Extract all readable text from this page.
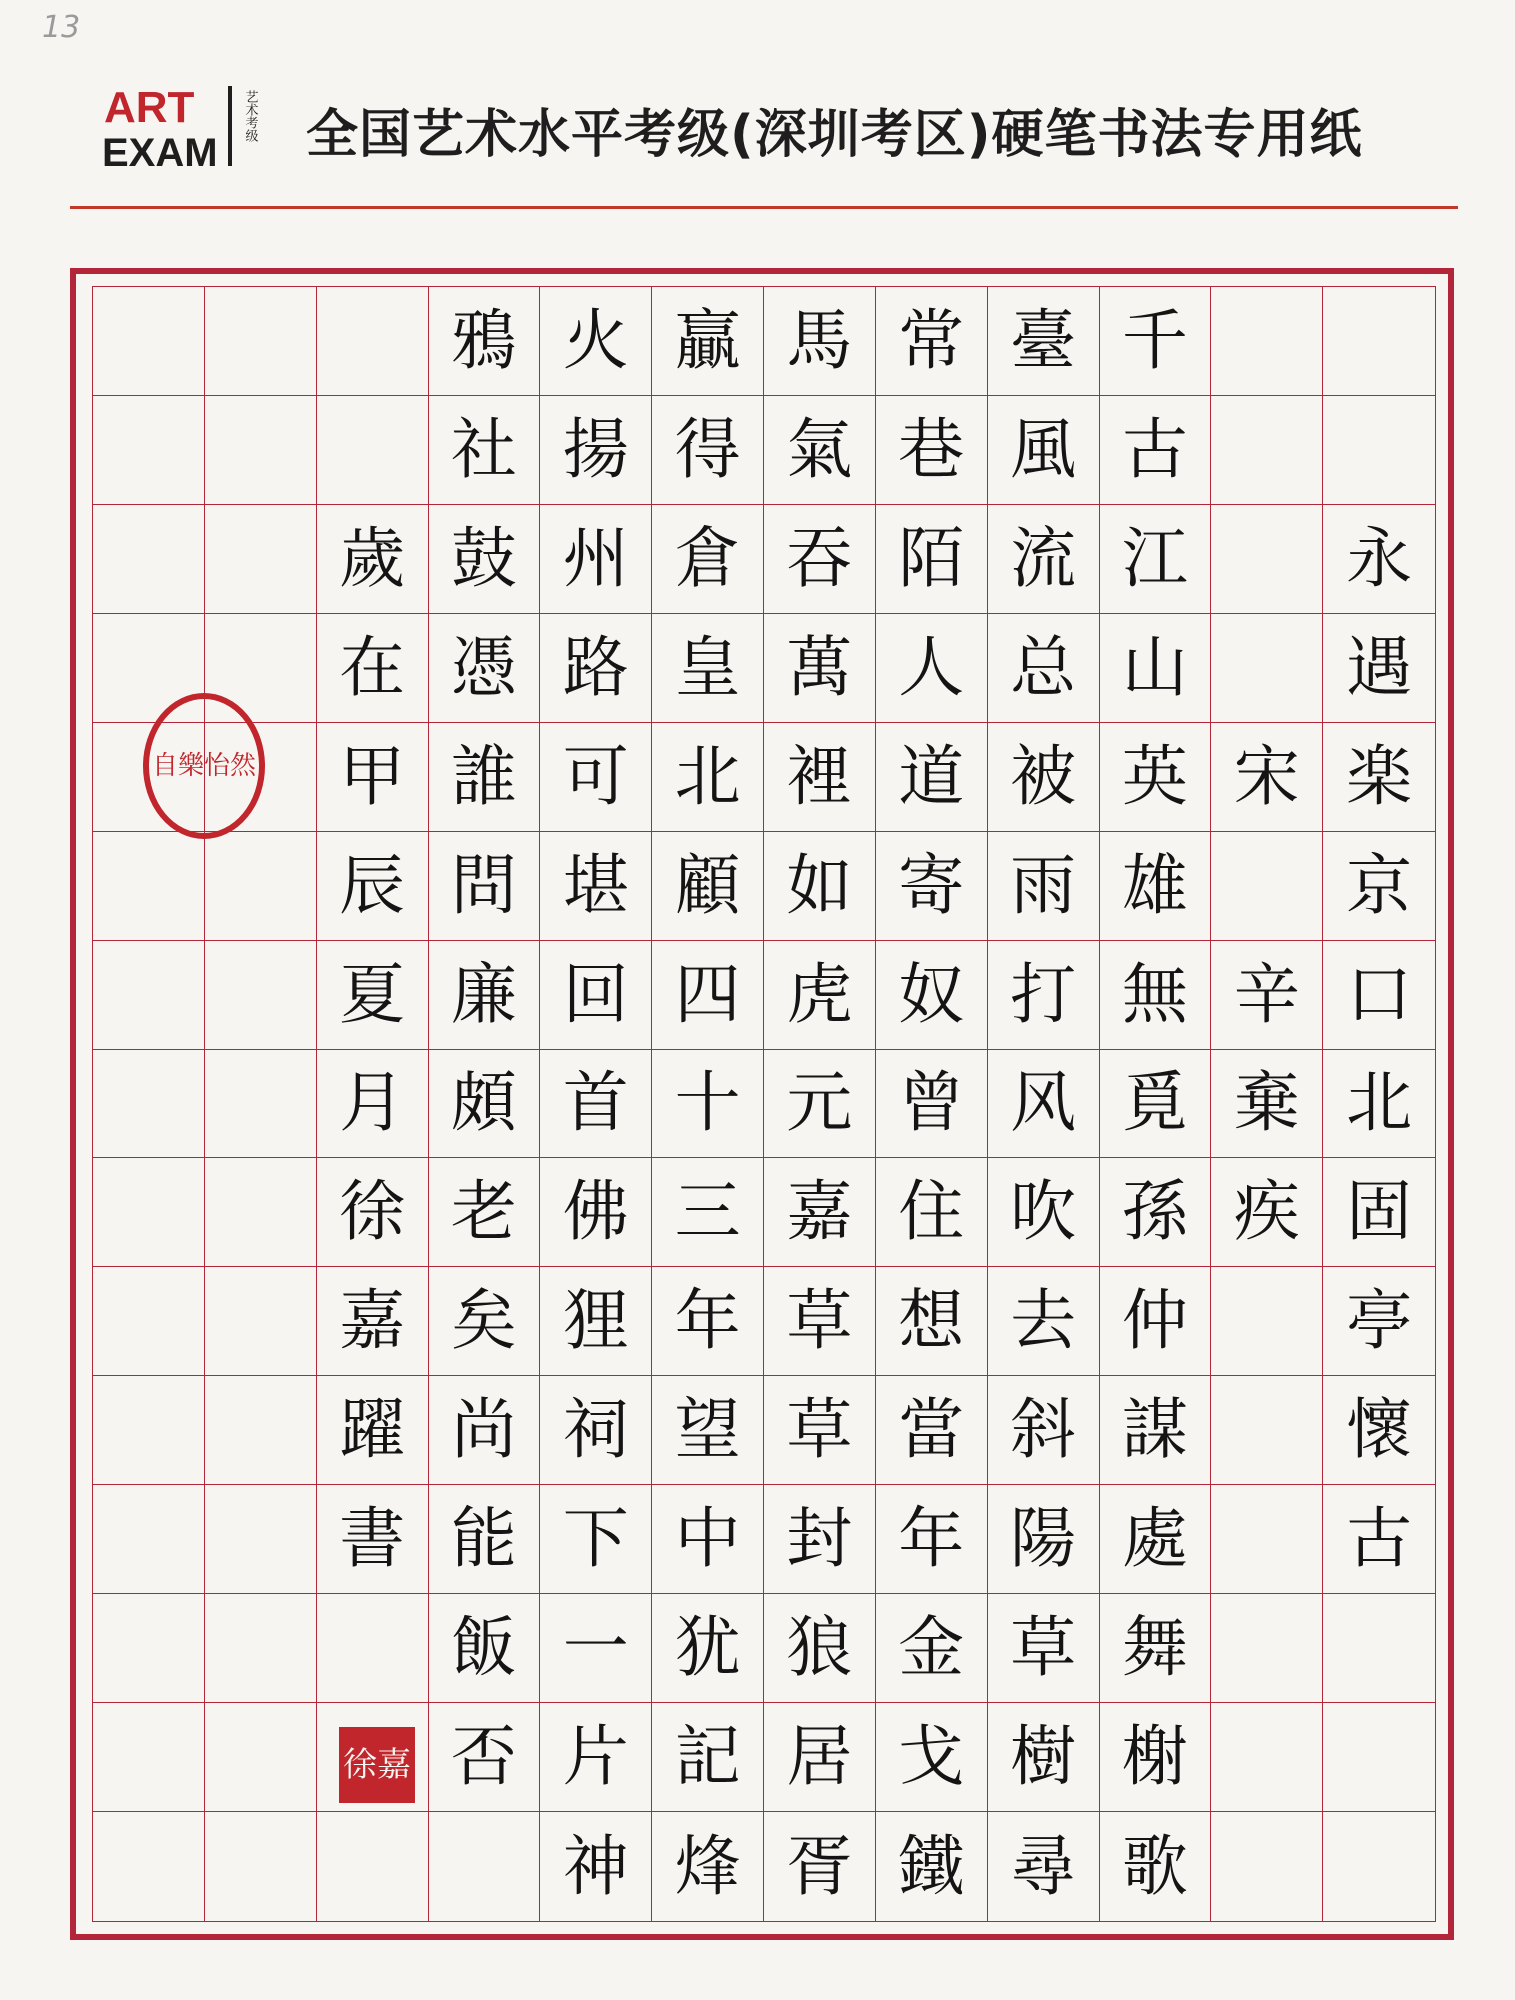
13
ART
EXAM
艺术考级 全国艺术水平考级(深圳考区)硬笔书法专用纸
鴉 火 贏 馬 常 臺 千
社 揚 得 氣 巷 風 古
歲 鼓 州 倉 吞 陌 流 江	永
在 憑 路 皇 萬 人 总 山	遇
甲 誰 可 北 裡 道 被 英 宋 楽
辰 問 堪 顧 如 寄 雨 雄	京
夏 廉 回 四 虎 奴 打 無 辛 口
月 頗 首 十 元 曾 风 覓 棄 北
徐 老 佛 三 嘉 住 吹 孫 疾 固
嘉 矣 狸 年 草 想 去 仲	亭
躍 尚 祠 望 草 當 斜 謀	懷
書 能 下 中 封 年 陽 處	古
飯 一 犹 狼 金 草 舞
否 片 記 居 戈 樹 榭
神 烽 胥 鐵 尋 歌
自樂怡然
徐嘉
